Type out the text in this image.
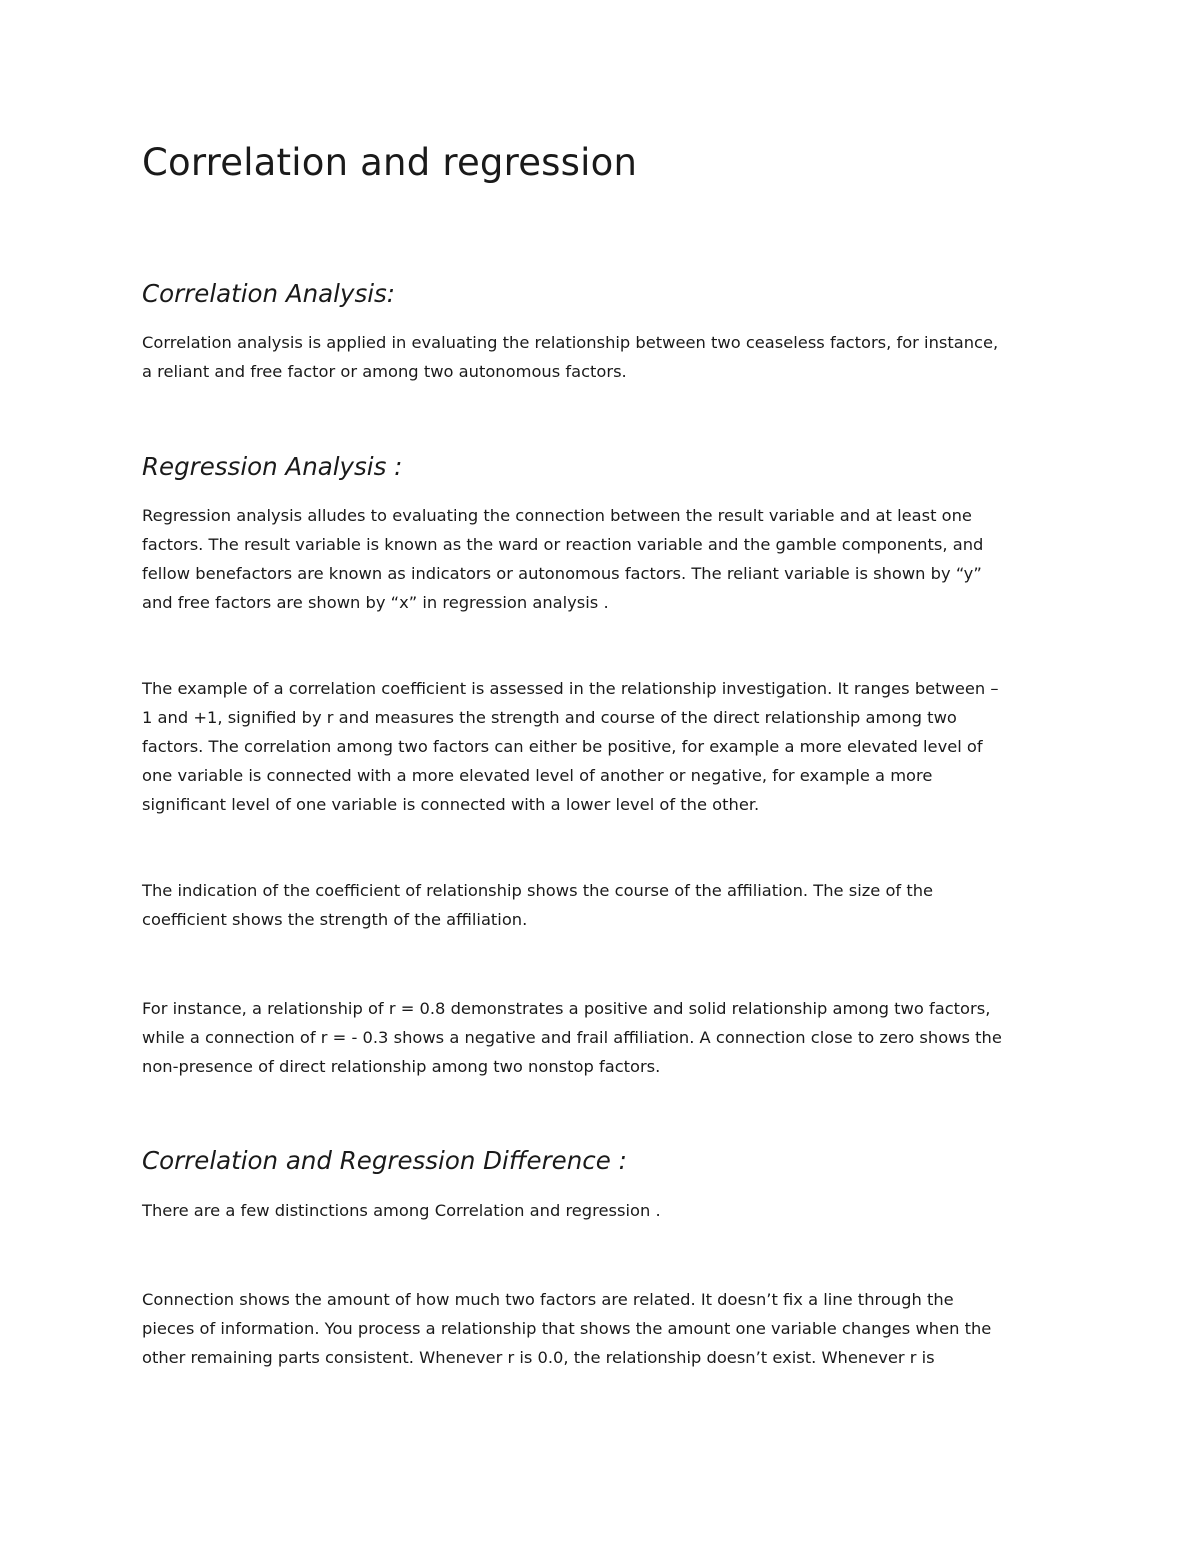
Correlation and regression
Correlation Analysis:

Correlation analysis is applied in evaluating the relationship between two ceaseless factors, for instance,
a reliant and free factor or among two autonomous factors.

Regression Analysis :

Regression analysis alludes to evaluating the connection between the result variable and at least one
factors. The result variable is known as the ward or reaction variable and the gamble components, and
fellow benefactors are known as indicators or autonomous factors. The reliant variable is shown by “y”
and free factors are shown by “x” in regression analysis .

The example of a correlation coefficient is assessed in the relationship investigation. It ranges between –
1 and +1, signified by r and measures the strength and course of the direct relationship among two
factors. The correlation among two factors can either be positive, for example a more elevated level of
one variable is connected with a more elevated level of another or negative, for example a more
significant level of one variable is connected with a lower level of the other.

The indication of the coefficient of relationship shows the course of the affiliation. The size of the
coefficient shows the strength of the affiliation.

For instance, a relationship of r = 0.8 demonstrates a positive and solid relationship among two factors,
while a connection of r = - 0.3 shows a negative and frail affiliation. A connection close to zero shows the
non-presence of direct relationship among two nonstop factors.

Correlation and Regression Difference :

There are a few distinctions among Correlation and regression .

Connection shows the amount of how much two factors are related. It doesn’t fix a line through the
pieces of information. You process a relationship that shows the amount one variable changes when the
other remaining parts consistent. Whenever r is 0.0, the relationship doesn’t exist. Whenever r is
